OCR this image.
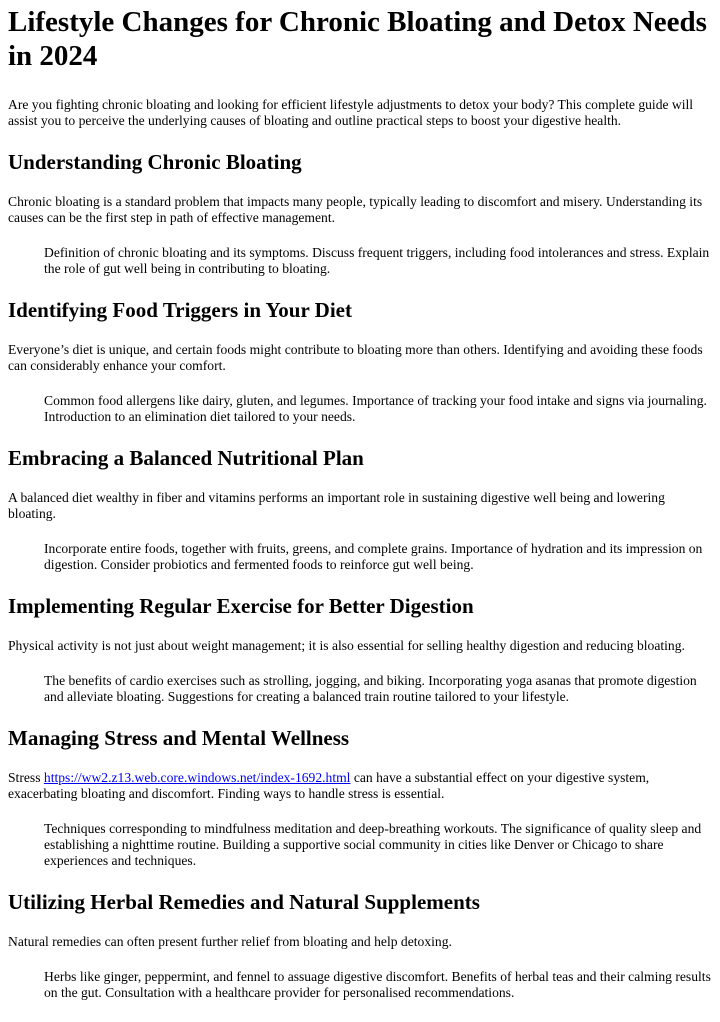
Lifestyle Changes for Chronic Bloating and Detox Needs in 2024

Are you fighting chronic bloating and looking for efficient lifestyle adjustments to detox your body? This complete guide will assist you to perceive the underlying causes of bloating and outline practical steps to boost your digestive health.

Understanding Chronic Bloating

Chronic bloating is a standard problem that impacts many people, typically leading to discomfort and misery. Understanding its causes can be the first step in path of effective management.

Definition of chronic bloating and its symptoms. Discuss frequent triggers, including food intolerances and stress. Explain the role of gut well being in contributing to bloating.

Identifying Food Triggers in Your Diet

Everyone’s diet is unique, and certain foods might contribute to bloating more than others. Identifying and avoiding these foods can considerably enhance your comfort.

Common food allergens like dairy, gluten, and legumes. Importance of tracking your food intake and signs via journaling. Introduction to an elimination diet tailored to your needs.

Embracing a Balanced Nutritional Plan

A balanced diet wealthy in fiber and vitamins performs an important role in sustaining digestive well being and lowering bloating.

Incorporate entire foods, together with fruits, greens, and complete grains. Importance of hydration and its impression on digestion. Consider probiotics and fermented foods to reinforce gut well being.

Implementing Regular Exercise for Better Digestion

Physical activity is not just about weight management; it is also essential for selling healthy digestion and reducing bloating.

The benefits of cardio exercises such as strolling, jogging, and biking. Incorporating yoga asanas that promote digestion and alleviate bloating. Suggestions for creating a balanced train routine tailored to your lifestyle.

Managing Stress and Mental Wellness

Stress https://ww2.z13.web.core.windows.net/index-1692.html can have a substantial effect on your digestive system, exacerbating bloating and discomfort. Finding ways to handle stress is essential.

Techniques corresponding to mindfulness meditation and deep-breathing workouts. The significance of quality sleep and establishing a nighttime routine. Building a supportive social community in cities like Denver or Chicago to share experiences and techniques.

Utilizing Herbal Remedies and Natural Supplements

Natural remedies can often present further relief from bloating and help detoxing.

Herbs like ginger, peppermint, and fennel to assuage digestive discomfort. Benefits of herbal teas and their calming results on the gut. Consultation with a healthcare provider for personalised recommendations.
